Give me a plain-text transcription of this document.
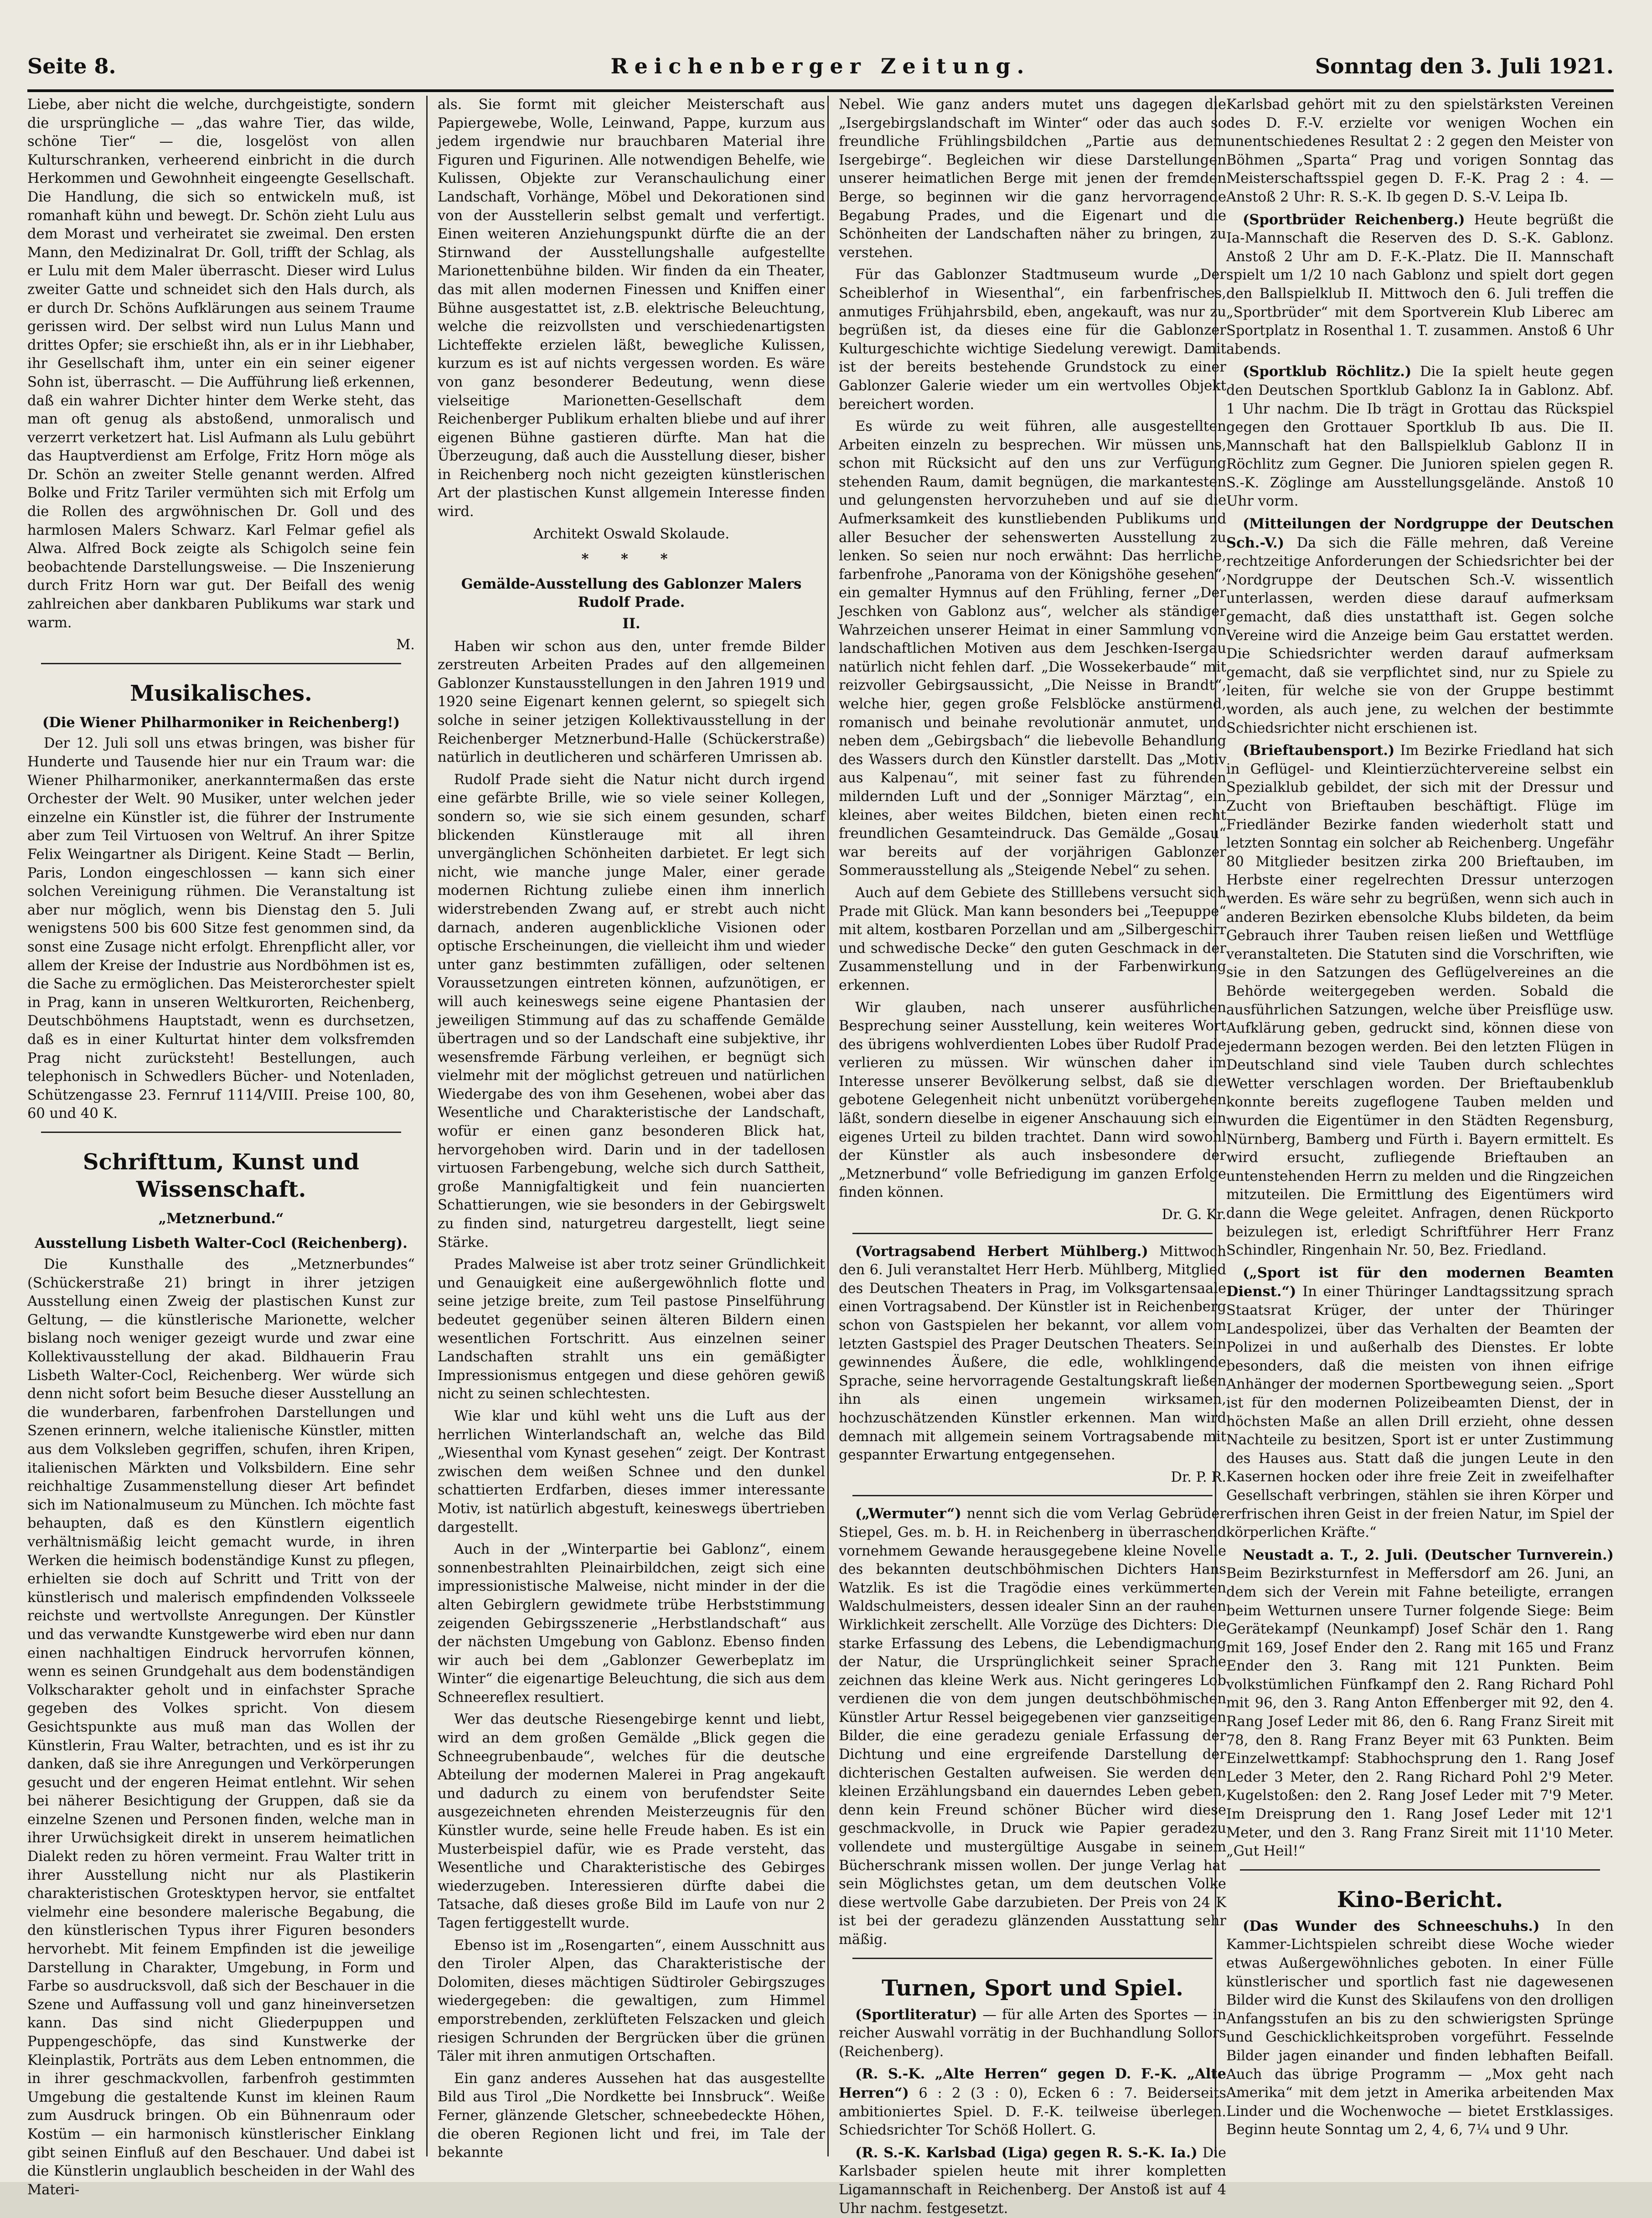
Reichenberger Zeitung.
Seite 8.	Sonntag den 3. Juli 1921.

Liebe, aber nicht die welche, durchgeistigte, sondern die ursprüngliche — „das wahre Tier, das wilde, schöne Tier“ — die, losgelöst von allen Kulturschranken, verheerend einbricht in die durch Herkommen und Gewohnheit eingeengte Gesellschaft. Die Handlung, die sich so entwickeln muß, ist romanhaft kühn und bewegt. Dr. Schön zieht Lulu aus dem Morast und verheiratet sie zweimal. Den ersten Mann, den Medizinalrat Dr. Goll, trifft der Schlag, als er Lulu mit dem Maler überrascht. Dieser wird Lulus zweiter Gatte und schneidet sich den Hals durch, als er durch Dr. Schöns Aufklärungen aus seinem Traume gerissen wird. Der selbst wird nun Lulus Mann und drittes Opfer; sie erschießt ihn, als er in ihr Liebhaber, ihr Gesellschaft ihm, unter ein ein seiner eigener Sohn ist, überrascht. — Die Aufführung ließ erkennen, daß ein wahrer Dichter hinter dem Werke steht, das man oft genug als abstoßend, unmoralisch und verzerrt verketzert hat. Lisl Aufmann als Lulu gebührt das Hauptverdienst am Erfolge, Fritz Horn möge als Dr. Schön an zweiter Stelle genannt werden. Alfred Bolke und Fritz Tariler vermühten sich mit Erfolg um die Rollen des argwöhnischen Dr. Goll und des harmlosen Malers Schwarz. Karl Felmar gefiel als Alwa. Alfred Bock zeigte als Schigolch seine fein beobachtende Darstellungsweise. — Die Inszenierung durch Fritz Horn war gut. Der Beifall des wenig zahlreichen aber dankbaren Publikums war stark und warm.

M.

Musikalisches.

(Die Wiener Philharmoniker in Reichenberg!)

Der 12. Juli soll uns etwas bringen, was bisher für Hunderte und Tausende hier nur ein Traum war: die Wiener Philharmoniker, anerkanntermaßen das erste Orchester der Welt. 90 Musiker, unter welchen jeder einzelne ein Künstler ist, die führer der Instrumente aber zum Teil Virtuosen von Weltruf. An ihrer Spitze Felix Weingartner als Dirigent. Keine Stadt — Berlin, Paris, London eingeschlossen — kann sich einer solchen Vereinigung rühmen. Die Veranstaltung ist aber nur möglich, wenn bis Dienstag den 5. Juli wenigstens 500 bis 600 Sitze fest genommen sind, da sonst eine Zusage nicht erfolgt. Ehrenpflicht aller, vor allem der Kreise der Industrie aus Nordböhmen ist es, die Sache zu ermöglichen. Das Meisterorchester spielt in Prag, kann in unseren Weltkurorten, Reichenberg, Deutschböhmens Hauptstadt, wenn es durchsetzen, daß es in einer Kulturtat hinter dem volksfremden Prag nicht zurücksteht! Bestellungen, auch telephonisch in Schwedlers Bücher- und Notenladen, Schützengasse 23. Fernruf 1114/VIII. Preise 100, 80, 60 und 40 K.

Schrifttum, Kunst und Wissenschaft.

„Metznerbund.“

Ausstellung Lisbeth Walter-Cocl (Reichenberg).

Die Kunsthalle des „Metznerbundes“ (Schückerstraße 21) bringt in ihrer jetzigen Ausstellung einen Zweig der plastischen Kunst zur Geltung, — die künstlerische Marionette, welcher bislang noch weniger gezeigt wurde und zwar eine Kollektivausstellung der akad. Bildhauerin Frau Lisbeth Walter-Cocl, Reichenberg. Wer würde sich denn nicht sofort beim Besuche dieser Ausstellung an die wunderbaren, farbenfrohen Darstellungen und Szenen erinnern, welche italienische Künstler, mitten aus dem Volksleben gegriffen, schufen, ihren Kripen, italienischen Märkten und Volksbildern. Eine sehr reichhaltige Zusammenstellung dieser Art befindet sich im Nationalmuseum zu München. Ich möchte fast behaupten, daß es den Künstlern eigentlich verhältnismäßig leicht gemacht wurde, in ihren Werken die heimisch bodenständige Kunst zu pflegen, erhielten sie doch auf Schritt und Tritt von der künstlerisch und malerisch empfindenden Volksseele reichste und wertvollste Anregungen. Der Künstler und das verwandte Kunstgewerbe wird eben nur dann einen nachhaltigen Eindruck hervorrufen können, wenn es seinen Grundgehalt aus dem bodenständigen Volkscharakter geholt und in einfachster Sprache gegeben des Volkes spricht. Von diesem Gesichtspunkte aus muß man das Wollen der Künstlerin, Frau Walter, betrachten, und es ist ihr zu danken, daß sie ihre Anregungen und Verkörperungen gesucht und der engeren Heimat entlehnt. Wir sehen bei näherer Besichtigung der Gruppen, daß sie da einzelne Szenen und Personen finden, welche man in ihrer Urwüchsigkeit direkt in unserem heimatlichen Dialekt reden zu hören vermeint. Frau Walter tritt in ihrer Ausstellung nicht nur als Plastikerin charakteristischen Grotesktypen hervor, sie entfaltet vielmehr eine besondere malerische Begabung, die den künstlerischen Typus ihrer Figuren besonders hervorhebt. Mit feinem Empfinden ist die jeweilige Darstellung in Charakter, Umgebung, in Form und Farbe so ausdrucksvoll, daß sich der Beschauer in die Szene und Auffassung voll und ganz hineinversetzen kann. Das sind nicht Gliederpuppen und Puppengeschöpfe, das sind Kunstwerke der Kleinplastik, Porträts aus dem Leben entnommen, die in ihrer geschmackvollen, farbenfroh gestimmten Umgebung die gestaltende Kunst im kleinen Raum zum Ausdruck bringen. Ob ein Bühnenraum oder Kostüm — ein harmonisch künstlerischer Einklang gibt seinen Einfluß auf den Beschauer. Und dabei ist die Künstlerin unglaublich bescheiden in der Wahl des Materi-

als. Sie formt mit gleicher Meisterschaft aus Papiergewebe, Wolle, Leinwand, Pappe, kurzum aus jedem irgendwie nur brauchbaren Material ihre Figuren und Figurinen. Alle notwendigen Behelfe, wie Kulissen, Objekte zur Veranschaulichung einer Landschaft, Vorhänge, Möbel und Dekorationen sind von der Ausstellerin selbst gemalt und verfertigt. Einen weiteren Anziehungspunkt dürfte die an der Stirnwand der Ausstellungshalle aufgestellte Marionettenbühne bilden. Wir finden da ein Theater, das mit allen modernen Finessen und Kniffen einer Bühne ausgestattet ist, z.B. elektrische Beleuchtung, welche die reizvollsten und verschiedenartigsten Lichteffekte erzielen läßt, bewegliche Kulissen, kurzum es ist auf nichts vergessen worden. Es wäre von ganz besonderer Bedeutung, wenn diese vielseitige Marionetten-Gesellschaft dem Reichenberger Publikum erhalten bliebe und auf ihrer eigenen Bühne gastieren dürfte. Man hat die Überzeugung, daß auch die Ausstellung dieser, bisher in Reichenberg noch nicht gezeigten künstlerischen Art der plastischen Kunst allgemein Interesse finden wird.

Architekt Oswald Skolaude.

* * *

Gemälde-Ausstellung des Gablonzer Malers Rudolf Prade.

II.

Haben wir schon aus den, unter fremde Bilder zerstreuten Arbeiten Prades auf den allgemeinen Gablonzer Kunstausstellungen in den Jahren 1919 und 1920 seine Eigenart kennen gelernt, so spiegelt sich solche in seiner jetzigen Kollektivausstellung in der Reichenberger Metznerbund-Halle (Schückerstraße) natürlich in deutlicheren und schärferen Umrissen ab.

Rudolf Prade sieht die Natur nicht durch irgend eine gefärbte Brille, wie so viele seiner Kollegen, sondern so, wie sie sich einem gesunden, scharf blickenden Künstlerauge mit all ihren unvergänglichen Schönheiten darbietet. Er legt sich nicht, wie manche junge Maler, einer gerade modernen Richtung zuliebe einen ihm innerlich widerstrebenden Zwang auf, er strebt auch nicht darnach, anderen augenblickliche Visionen oder optische Erscheinungen, die vielleicht ihm und wieder unter ganz bestimmten zufälligen, oder seltenen Voraussetzungen eintreten können, aufzunötigen, er will auch keineswegs seine eigene Phantasien der jeweiligen Stimmung auf das zu schaffende Gemälde übertragen und so der Landschaft eine subjektive, ihr wesensfremde Färbung verleihen, er begnügt sich vielmehr mit der möglichst getreuen und natürlichen Wiedergabe des von ihm Gesehenen, wobei aber das Wesentliche und Charakteristische der Landschaft, wofür er einen ganz besonderen Blick hat, hervorgehoben wird. Darin und in der tadellosen virtuosen Farbengebung, welche sich durch Sattheit, große Mannigfaltigkeit und fein nuancierten Schattierungen, wie sie besonders in der Gebirgswelt zu finden sind, naturgetreu dargestellt, liegt seine Stärke.

Prades Malweise ist aber trotz seiner Gründlichkeit und Genauigkeit eine außergewöhnlich flotte und seine jetzige breite, zum Teil pastose Pinselführung bedeutet gegenüber seinen älteren Bildern einen wesentlichen Fortschritt. Aus einzelnen seiner Landschaften strahlt uns ein gemäßigter Impressionismus entgegen und diese gehören gewiß nicht zu seinen schlechtesten.

Wie klar und kühl weht uns die Luft aus der herrlichen Winterlandschaft an, welche das Bild „Wiesenthal vom Kynast gesehen“ zeigt. Der Kontrast zwischen dem weißen Schnee und den dunkel schattierten Erdfarben, dieses immer interessante Motiv, ist natürlich abgestuft, keineswegs übertrieben dargestellt.

Auch in der „Winterpartie bei Gablonz“, einem sonnenbestrahlten Pleinairbildchen, zeigt sich eine impressionistische Malweise, nicht minder in der die alten Gebirglern gewidmete trübe Herbststimmung zeigenden Gebirgsszenerie „Herbstlandschaft“ aus der nächsten Umgebung von Gablonz. Ebenso finden wir auch bei dem „Gablonzer Gewerbeplatz im Winter“ die eigenartige Beleuchtung, die sich aus dem Schneereflex resultiert.

Wer das deutsche Riesengebirge kennt und liebt, wird an dem großen Gemälde „Blick gegen die Schneegrubenbaude“, welches für die deutsche Abteilung der modernen Malerei in Prag angekauft und dadurch zu einem von berufendster Seite ausgezeichneten ehrenden Meisterzeugnis für den Künstler wurde, seine helle Freude haben. Es ist ein Musterbeispiel dafür, wie es Prade versteht, das Wesentliche und Charakteristische des Gebirges wiederzugeben. Interessieren dürfte dabei die Tatsache, daß dieses große Bild im Laufe von nur 2 Tagen fertiggestellt wurde.

Ebenso ist im „Rosengarten“, einem Ausschnitt aus den Tiroler Alpen, das Charakteristische der Dolomiten, dieses mächtigen Südtiroler Gebirgszuges wiedergegeben: die gewaltigen, zum Himmel emporstrebenden, zerklüfteten Felszacken und gleich riesigen Schrunden der Bergrücken über die grünen Täler mit ihren anmutigen Ortschaften.

Ein ganz anderes Aussehen hat das ausgestellte Bild aus Tirol „Die Nordkette bei Innsbruck“. Weiße Ferner, glänzende Gletscher, schneebedeckte Höhen, die oberen Regionen licht und frei, im Tale der bekannte

Nebel. Wie ganz anders mutet uns dagegen die „Isergebirgslandschaft im Winter“ oder das auch so freundliche Frühlingsbildchen „Partie aus dem Isergebirge“. Begleichen wir diese Darstellungen unserer heimatlichen Berge mit jenen der fremden Berge, so beginnen wir die ganz hervorragende Begabung Prades, und die Eigenart und die Schönheiten der Landschaften näher zu bringen, zu verstehen.

Für das Gablonzer Stadtmuseum wurde „Der Scheiblerhof in Wiesenthal“, ein farbenfrisches, anmutiges Frühjahrsbild, eben, angekauft, was nur zu begrüßen ist, da dieses eine für die Gablonzer Kulturgeschichte wichtige Siedelung verewigt. Damit ist der bereits bestehende Grundstock zu einer Gablonzer Galerie wieder um ein wertvolles Objekt bereichert worden.

Es würde zu weit führen, alle ausgestellten Arbeiten einzeln zu besprechen. Wir müssen uns, schon mit Rücksicht auf den uns zur Verfügung stehenden Raum, damit begnügen, die markantesten und gelungensten hervorzuheben und auf sie die Aufmerksamkeit des kunstliebenden Publikums und aller Besucher der sehenswerten Ausstellung zu lenken. So seien nur noch erwähnt: Das herrliche, farbenfrohe „Panorama von der Königshöhe gesehen“, ein gemalter Hymnus auf den Frühling, ferner „Der Jeschken von Gablonz aus“, welcher als ständiger Wahrzeichen unserer Heimat in einer Sammlung von landschaftlichen Motiven aus dem Jeschken-Isergau natürlich nicht fehlen darf. „Die Wossekerbaude“ mit reizvoller Gebirgsaussicht, „Die Neisse in Brandt“, welche hier, gegen große Felsblöcke anstürmend, romanisch und beinahe revolutionär anmutet, und neben dem „Gebirgsbach“ die liebevolle Behandlung des Wassers durch den Künstler darstellt. Das „Motiv aus Kalpenau“, mit seiner fast zu führenden mildernden Luft und der „Sonniger Märztag“, ein kleines, aber weites Bildchen, bieten einen recht freundlichen Gesamteindruck. Das Gemälde „Gosau“ war bereits auf der vorjährigen Gablonzer Sommerausstellung als „Steigende Nebel“ zu sehen.

Auch auf dem Gebiete des Stilllebens versucht sich Prade mit Glück. Man kann besonders bei „Teepuppe“ mit altem, kostbaren Porzellan und am „Silbergeschirr und schwedische Decke“ den guten Geschmack in der Zusammenstellung und in der Farbenwirkung erkennen.

Wir glauben, nach unserer ausführlichen Besprechung seiner Ausstellung, kein weiteres Wort des übrigens wohlverdienten Lobes über Rudolf Prade verlieren zu müssen. Wir wünschen daher im Interesse unserer Bevölkerung selbst, daß sie die gebotene Gelegenheit nicht unbenützt vorübergehen läßt, sondern dieselbe in eigener Anschauung sich ein eigenes Urteil zu bilden trachtet. Dann wird sowohl der Künstler als auch insbesondere der „Metznerbund“ volle Befriedigung im ganzen Erfolge finden können.

Dr. G. Kr.

(Vortragsabend Herbert Mühlberg.) Mittwoch den 6. Juli veranstaltet Herr Herb. Mühlberg, Mitglied des Deutschen Theaters in Prag, im Volksgartensaale einen Vortragsabend. Der Künstler ist in Reichenberg schon von Gastspielen her bekannt, vor allem vom letzten Gastspiel des Prager Deutschen Theaters. Sein gewinnendes Äußere, die edle, wohlklingende Sprache, seine hervorragende Gestaltungskraft ließen ihn als einen ungemein wirksamen, hochzuschätzenden Künstler erkennen. Man wird demnach mit allgemein seinem Vortragsabende mit gespannter Erwartung entgegensehen.

Dr. P. R.

(„Wermuter“) nennt sich die vom Verlag Gebrüder Stiepel, Ges. m. b. H. in Reichenberg in überraschend vornehmem Gewande herausgegebene kleine Novelle des bekannten deutschböhmischen Dichters Hans Watzlik. Es ist die Tragödie eines verkümmerten Waldschulmeisters, dessen idealer Sinn an der rauhen Wirklichkeit zerschellt. Alle Vorzüge des Dichters: Die starke Erfassung des Lebens, die Lebendigmachung der Natur, die Ursprünglichkeit seiner Sprache zeichnen das kleine Werk aus. Nicht geringeres Lob verdienen die von dem jungen deutschböhmischen Künstler Artur Ressel beigegebenen vier ganzseitigen Bilder, die eine geradezu geniale Erfassung der Dichtung und eine ergreifende Darstellung der dichterischen Gestalten aufweisen. Sie werden den kleinen Erzählungsband ein dauerndes Leben geben, denn kein Freund schöner Bücher wird diese geschmackvolle, in Druck wie Papier geradezu vollendete und mustergültige Ausgabe in seinem Bücherschrank missen wollen. Der junge Verlag hat sein Möglichstes getan, um dem deutschen Volke diese wertvolle Gabe darzubieten. Der Preis von 24 K ist bei der geradezu glänzenden Ausstattung sehr mäßig.

Turnen, Sport und Spiel.

(Sportliteratur) — für alle Arten des Sportes — in reicher Auswahl vorrätig in der Buchhandlung Sollors (Reichenberg).

(R. S.-K. „Alte Herren“ gegen D. F.-K. „Alte Herren“) 6 : 2 (3 : 0), Ecken 6 : 7. Beiderseits ambitioniertes Spiel. D. F.-K. teilweise überlegen. Schiedsrichter Tor Schöß Hollert. G.

(R. S.-K. Karlsbad (Liga) gegen R. S.-K. Ia.) Die Karlsbader spielen heute mit ihrer kompletten Ligamannschaft in Reichenberg. Der Anstoß ist auf 4 Uhr nachm. festgesetzt.

Karlsbad gehört mit zu den spielstärksten Vereinen des D. F.-V. erzielte vor wenigen Wochen ein unentschiedenes Resultat 2 : 2 gegen den Meister von Böhmen „Sparta“ Prag und vorigen Sonntag das Meisterschaftsspiel gegen D. F.-K. Prag 2 : 4. — Anstoß 2 Uhr: R. S.-K. Ib gegen D. S.-V. Leipa Ib.

(Sportbrüder Reichenberg.) Heute begrüßt die Ia-Mannschaft die Reserven des D. S.-K. Gablonz. Anstoß 2 Uhr am D. F.-K.-Platz. Die II. Mannschaft spielt um 1/2 10 nach Gablonz und spielt dort gegen den Ballspielklub II. Mittwoch den 6. Juli treffen die „Sportbrüder“ mit dem Sportverein Klub Liberec am Sportplatz in Rosenthal 1. T. zusammen. Anstoß 6 Uhr abends.

(Sportklub Röchlitz.) Die Ia spielt heute gegen den Deutschen Sportklub Gablonz Ia in Gablonz. Abf. 1 Uhr nachm. Die Ib trägt in Grottau das Rückspiel gegen den Grottauer Sportklub Ib aus. Die II. Mannschaft hat den Ballspielklub Gablonz II in Röchlitz zum Gegner. Die Junioren spielen gegen R. S.-K. Zöglinge am Ausstellungsgelände. Anstoß 10 Uhr vorm.

(Mitteilungen der Nordgruppe der Deutschen Sch.-V.) Da sich die Fälle mehren, daß Vereine rechtzeitige Anforderungen der Schiedsrichter bei der Nordgruppe der Deutschen Sch.-V. wissentlich unterlassen, werden diese darauf aufmerksam gemacht, daß dies unstatthaft ist. Gegen solche Vereine wird die Anzeige beim Gau erstattet werden. Die Schiedsrichter werden darauf aufmerksam gemacht, daß sie verpflichtet sind, nur zu Spiele zu leiten, für welche sie von der Gruppe bestimmt worden, als auch jene, zu welchen der bestimmte Schiedsrichter nicht erschienen ist.

(Brieftaubensport.) Im Bezirke Friedland hat sich in Geflügel- und Kleintierzüchtervereine selbst ein Spezialklub gebildet, der sich mit der Dressur und Zucht von Brieftauben beschäftigt. Flüge im Friedländer Bezirke fanden wiederholt statt und letzten Sonntag ein solcher ab Reichenberg. Ungefähr 80 Mitglieder besitzen zirka 200 Brieftauben, im Herbste einer regelrechten Dressur unterzogen werden. Es wäre sehr zu begrüßen, wenn sich auch in anderen Bezirken ebensolche Klubs bildeten, da beim Gebrauch ihrer Tauben reisen ließen und Wettflüge veranstalteten. Die Statuten sind die Vorschriften, wie sie in den Satzungen des Geflügelvereines an die Behörde weitergegeben werden. Sobald die ausführlichen Satzungen, welche über Preisflüge usw. Aufklärung geben, gedruckt sind, können diese von jedermann bezogen werden. Bei den letzten Flügen in Deutschland sind viele Tauben durch schlechtes Wetter verschlagen worden. Der Brieftaubenklub konnte bereits zugeflogene Tauben melden und wurden die Eigentümer in den Städten Regensburg, Nürnberg, Bamberg und Fürth i. Bayern ermittelt. Es wird ersucht, zufliegende Brieftauben an untenstehenden Herrn zu melden und die Ringzeichen mitzuteilen. Die Ermittlung des Eigentümers wird dann die Wege geleitet. Anfragen, denen Rückporto beizulegen ist, erledigt Schriftführer Herr Franz Schindler, Ringenhain Nr. 50, Bez. Friedland.

(„Sport ist für den modernen Beamten Dienst.“) In einer Thüringer Landtagssitzung sprach Staatsrat Krüger, der unter der Thüringer Landespolizei, über das Verhalten der Beamten der Polizei in und außerhalb des Dienstes. Er lobte besonders, daß die meisten von ihnen eifrige Anhänger der modernen Sportbewegung seien. „Sport ist für den modernen Polizeibeamten Dienst, der in höchsten Maße an allen Drill erzieht, ohne dessen Nachteile zu besitzen, Sport ist er unter Zustimmung des Hauses aus. Statt daß die jungen Leute in den Kasernen hocken oder ihre freie Zeit in zweifelhafter Gesellschaft verbringen, stählen sie ihren Körper und erfrischen ihren Geist in der freien Natur, im Spiel der körperlichen Kräfte.“

Neustadt a. T., 2. Juli. (Deutscher Turnverein.) Beim Bezirksturnfest in Meffersdorf am 26. Juni, an dem sich der Verein mit Fahne beteiligte, errangen beim Wetturnen unsere Turner folgende Siege: Beim Gerätekampf (Neunkampf) Josef Schär den 1. Rang mit 169, Josef Ender den 2. Rang mit 165 und Franz Ender den 3. Rang mit 121 Punkten. Beim volkstümlichen Fünfkampf den 2. Rang Richard Pohl mit 96, den 3. Rang Anton Effenberger mit 92, den 4. Rang Josef Leder mit 86, den 6. Rang Franz Sireit mit 78, den 8. Rang Franz Beyer mit 63 Punkten. Beim Einzelwettkampf: Stabhochsprung den 1. Rang Josef Leder 3 Meter, den 2. Rang Richard Pohl 2'9 Meter. Kugelstoßen: den 2. Rang Josef Leder mit 7'9 Meter. Im Dreisprung den 1. Rang Josef Leder mit 12'1 Meter, und den 3. Rang Franz Sireit mit 11'10 Meter. „Gut Heil!“

Kino-Bericht.

(Das Wunder des Schneeschuhs.) In den Kammer-Lichtspielen schreibt diese Woche wieder etwas Außergewöhnliches geboten. In einer Fülle künstlerischer und sportlich fast nie dagewesenen Bilder wird die Kunst des Skilaufens von den drolligen Anfangsstufen an bis zu den schwierigsten Sprünge und Geschicklichkeitsproben vorgeführt. Fesselnde Bilder jagen einander und finden lebhaften Beifall. Auch das übrige Programm — „Mox geht nach Amerika“ mit dem jetzt in Amerika arbeitenden Max Linder und die Wochenwoche — bietet Erstklassiges. Beginn heute Sonntag um 2, 4, 6, 7¼ und 9 Uhr.
